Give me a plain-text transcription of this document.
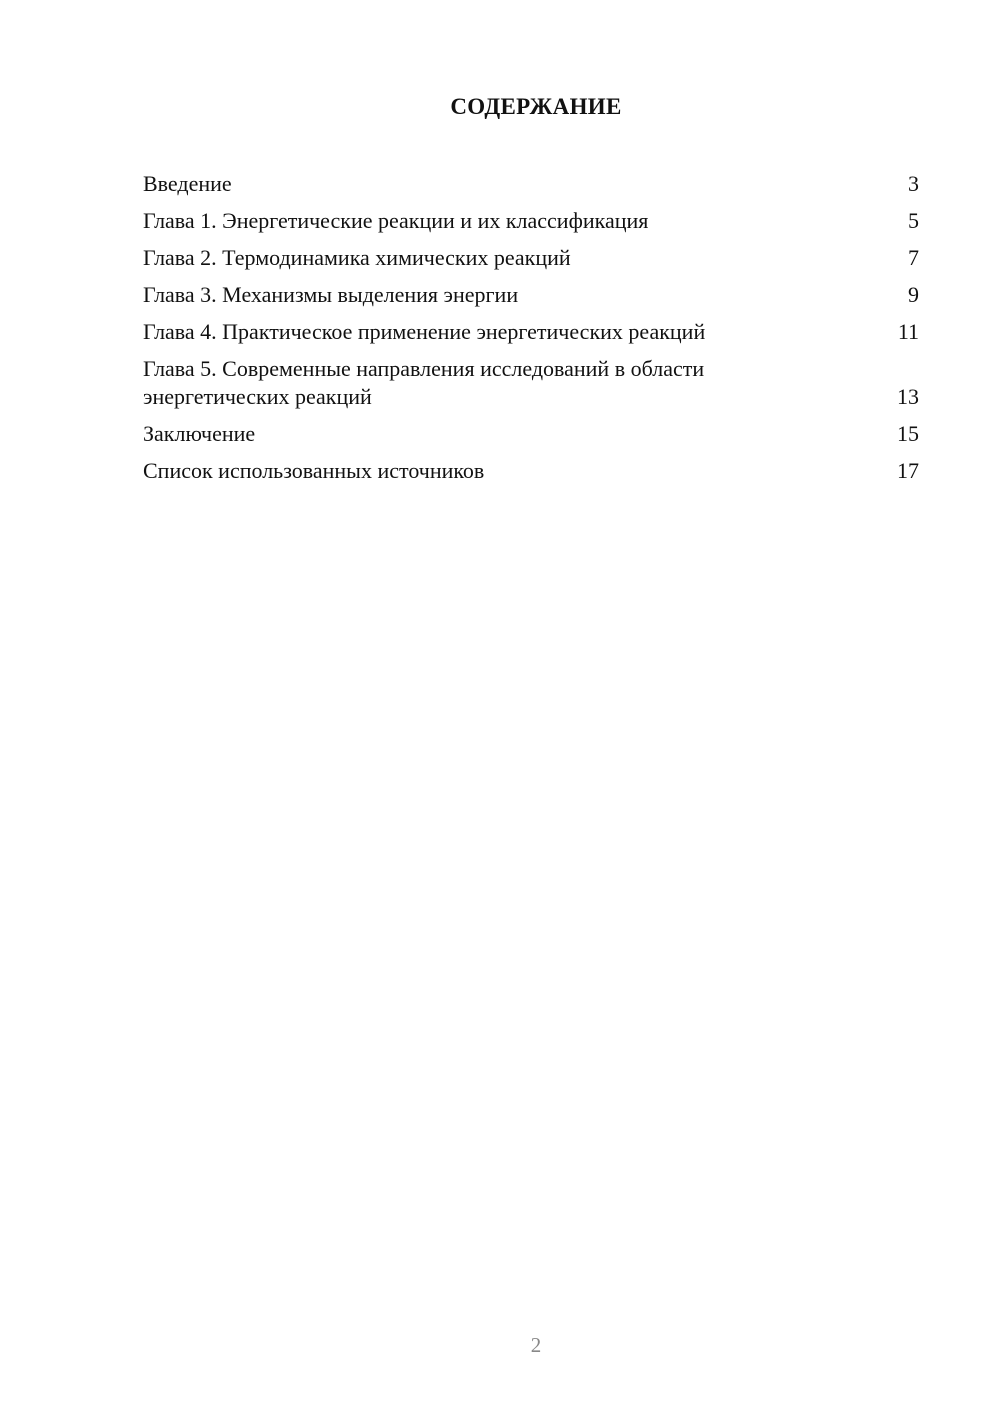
СОДЕРЖАНИЕ
Введение	3
Глава 1. Энергетические реакции и их классификация	5
Глава 2. Термодинамика химических реакций	7
Глава 3. Механизмы выделения энергии	9
Глава 4. Практическое применение энергетических реакций	11
Глава 5. Современные направления исследований в области энергетических реакций	13
Заключение	15
Список использованных источников	17
2
